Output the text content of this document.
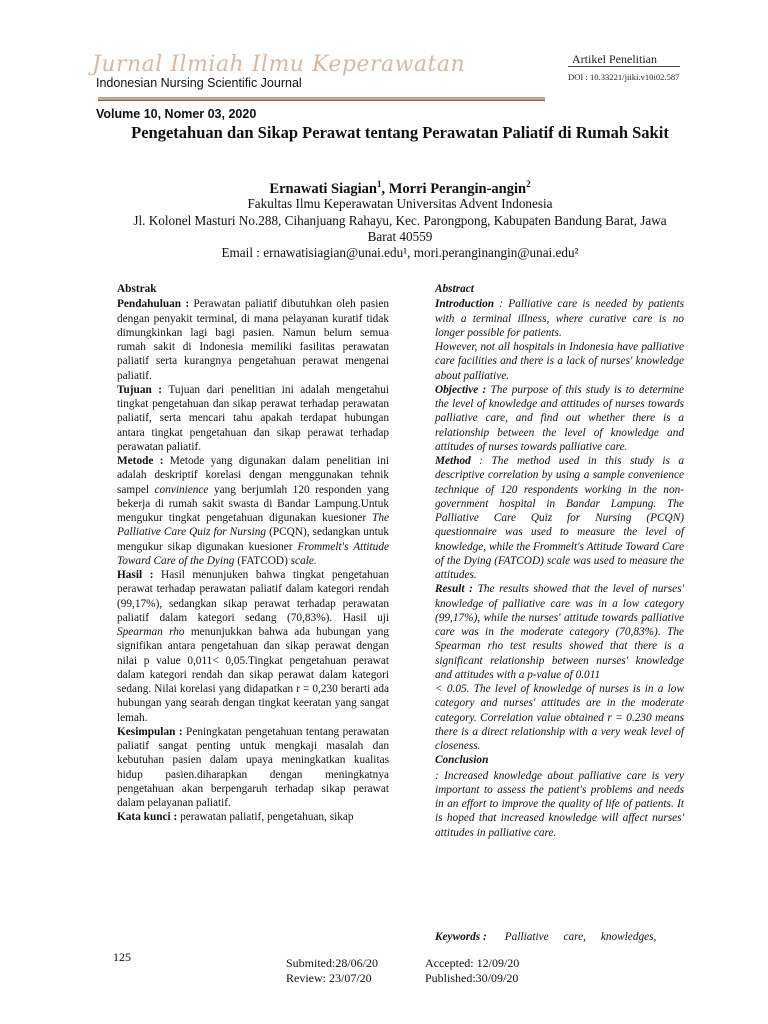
Jurnal Ilmiah Ilmu Keperawatan
Indonesian Nursing Scientific Journal
Artikel Penelitian
DOI : 10.33221/jiiki.v10i02.587
Volume 10, Nomer 03, 2020
Pengetahuan dan Sikap Perawat tentang Perawatan Paliatif di Rumah Sakit
Ernawati Siagian$^1$, Morri Perangin-angin$^2$
Fakultas Ilmu Keperawatan Universitas Advent Indonesia
Jl. Kolonel Masturi No.288, Cihanjuang Rahayu, Kec. Parongpong, Kabupaten Bandung Barat, Jawa
Barat 40559
Email : ernawatisiagian@unai.edu¹, mori.peranginangin@unai.edu²

Abstrak

Pendahuluan : Perawatan paliatif dibutuhkan oleh pasien dengan penyakit terminal, di mana pelayanan kuratif tidak dimungkinkan lagi bagi pasien. Namun belum semua rumah sakit di Indonesia memiliki fasilitas perawatan paliatif serta kurangnya pengetahuan perawat mengenai paliatif.

Tujuan : Tujuan dari penelitian ini adalah mengetahui tingkat pengetahuan dan sikap perawat terhadap perawatan paliatif, serta mencari tahu apakah terdapat hubungan antara tingkat pengetahuan dan sikap perawat terhadap perawatan paliatif.

Metode : Metode yang digunakan dalam penelitian ini adalah deskriptif korelasi dengan menggunakan tehnik sampel convinience yang berjumlah 120 responden yang bekerja di rumah sakit swasta di Bandar Lampung.Untuk mengukur tingkat pengetahuan digunakan kuesioner The Palliative Care Quiz for Nursing (PCQN), sedangkan untuk mengukur sikap digunakan kuesioner Frommelt's Attitude Toward Care of the Dying (FATCOD) scale.

Hasil : Hasil menunjuken bahwa tingkat pengetahuan perawat terhadap perawatan paliatif dalam kategori rendah (99,17%), sedangkan sikap perawat terhadap perawatan paliatif dalam kategori sedang (70,83%). Hasil uji Spearman rho menunjukkan bahwa ada hubungan yang signifikan antara pengetahuan dan sikap perawat dengan nilai p value 0,011< 0,05.Tingkat pengetahuan perawat dalam kategori rendah dan sikap perawat dalam kategori sedang. Nilai korelasi yang didapatkan r = 0,230 berarti ada hubungan yang searah dengan tingkat keeratan yang sangat lemah.

Kesimpulan : Peningkatan pengetahuan tentang perawatan paliatif sangat penting untuk mengkaji masalah dan kebutuhan pasien dalam upaya meningkatkan kualitas hidup pasien.diharapkan dengan meningkatnya pengetahuan akan berpengaruh terhadap sikap perawat dalam pelayanan paliatif.

Kata kunci : perawatan paliatif, pengetahuan, sikap

Abstract

Introduction : Palliative care is needed by patients with a terminal illness, where curative care is no longer possible for patients.

However, not all hospitals in Indonesia have palliative care facilities and there is a lack of nurses' knowledge about palliative.

Objective : The purpose of this study is to determine the level of knowledge and attitudes of nurses towards palliative care, and find out whether there is a relationship between the level of knowledge and attitudes of nurses towards palliative care.

Method : The method used in this study is a descriptive correlation by using a sample convenience technique of 120 respondents working in the non-government hospital in Bandar Lampung. The Palliative Care Quiz for Nursing (PCQN) questionnaire was used to measure the level of knowledge, while the Frommelt's Attitude Toward Care of the Dying (FATCOD) scale was used to measure the attitudes.

Result : The results showed that the level of nurses' knowledge of palliative care was in a low category (99,17%), while the nurses' attitude towards palliative care was in the moderate category (70,83%). The Spearman rho test results showed that there is a significant relationship between nurses' knowledge and attitudes with a p-value of 0.011

< 0.05. The level of knowledge of nurses is in a low category and nurses' attitudes are in the moderate category. Correlation value obtained r = 0.230 means there is a direct relationship with a very weak level of closeness.

Conclusion

: Increased knowledge about palliative care is very important to assess the patient's problems and needs in an effort to improve the quality of life of patients. It is hoped that increased knowledge will affect nurses' attitudes in palliative care.

Keywords : Palliative care, knowledges,
125	Submited:28/06/20
Review: 23/07/20
Accepted: 12/09/20
Published:30/09/20
